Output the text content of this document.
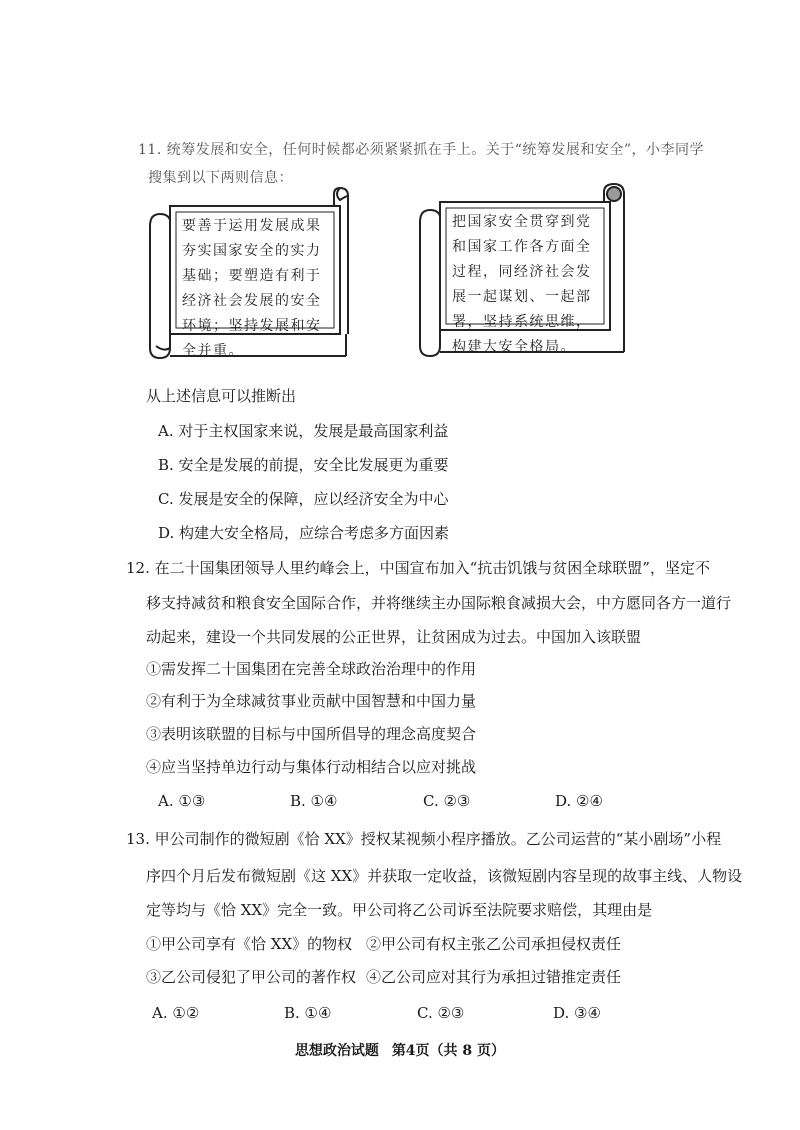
11. 统筹发展和安全，任何时候都必须紧紧抓在手上。关于“统筹发展和安全”，小李同学
搜集到以下两则信息：
要善于运用发展成果夯实国家安全的实力基础；要塑造有利于经济社会发展的安全环境；坚持发展和安全并重。
把国家安全贯穿到党和国家工作各方面全过程，同经济社会发展一起谋划、一起部署，坚持系统思维，构建大安全格局。
从上述信息可以推断出
A. 对于主权国家来说，发展是最高国家利益
B. 安全是发展的前提，安全比发展更为重要
C. 发展是安全的保障，应以经济安全为中心
D. 构建大安全格局，应综合考虑多方面因素
12. 在二十国集团领导人里约峰会上，中国宣布加入“抗击饥饿与贫困全球联盟”，坚定不
移支持减贫和粮食安全国际合作，并将继续主办国际粮食减损大会，中方愿同各方一道行
动起来，建设一个共同发展的公正世界，让贫困成为过去。中国加入该联盟
①需发挥二十国集团在完善全球政治治理中的作用
②有利于为全球减贫事业贡献中国智慧和中国力量
③表明该联盟的目标与中国所倡导的理念高度契合
④应当坚持单边行动与集体行动相结合以应对挑战
A. ①③	B. ①④	C. ②③	D. ②④
13. 甲公司制作的微短剧《恰 XX》授权某视频小程序播放。乙公司运营的“某小剧场”小程
序四个月后发布微短剧《这 XX》并获取一定收益，该微短剧内容呈现的故事主线、人物设
定等均与《恰 XX》完全一致。甲公司将乙公司诉至法院要求赔偿，其理由是
①甲公司享有《恰 XX》的物权 ②甲公司有权主张乙公司承担侵权责任
③乙公司侵犯了甲公司的著作权 ④乙公司应对其行为承担过错推定责任
A. ①②	B. ①④	C. ②③	D. ③④
思想政治试题 第4页（共 8 页）
